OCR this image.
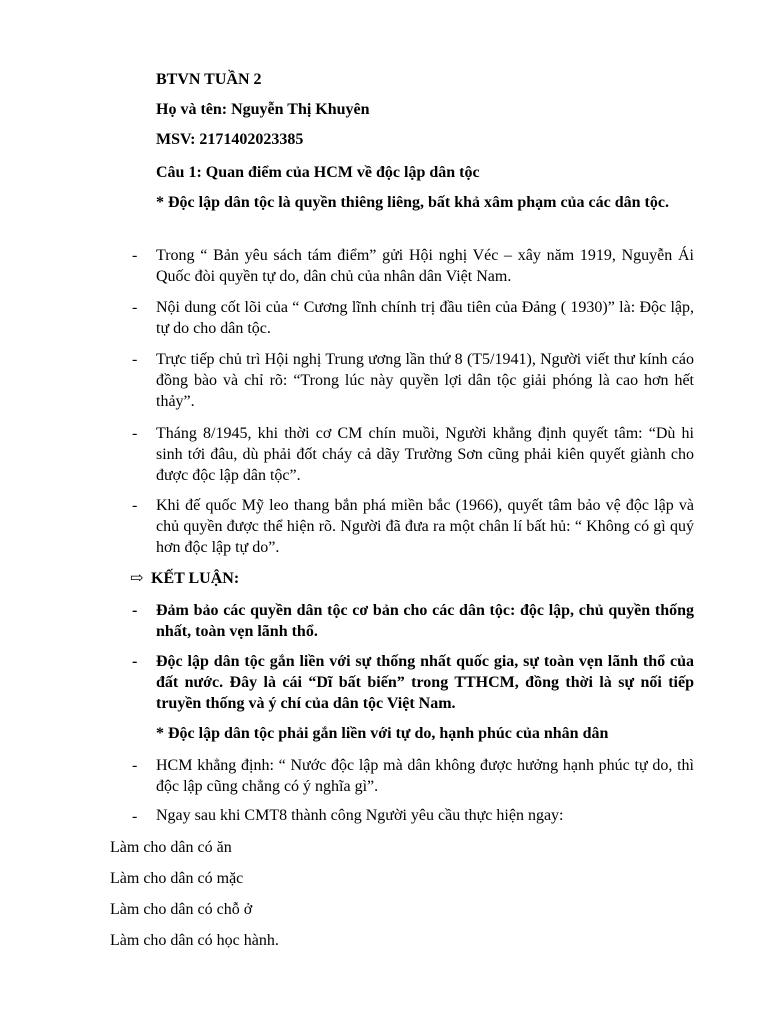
BTVN TUẦN 2
Họ và tên: Nguyễn Thị Khuyên
MSV: 2171402023385
Câu 1: Quan điểm của HCM về độc lập dân tộc
* Độc lập dân tộc là quyền thiêng liêng, bất khả xâm phạm của các dân tộc.
- Trong “ Bản yêu sách tám điểm” gửi Hội nghị Véc – xây năm 1919, Nguyễn Ái Quốc đòi quyền tự do, dân chủ của nhân dân Việt Nam.
- Nội dung cốt lõi của “ Cương lĩnh chính trị đầu tiên của Đảng ( 1930)” là: Độc lập, tự do cho dân tộc.
- Trực tiếp chủ trì Hội nghị Trung ương lần thứ 8 (T5/1941), Người viết thư kính cáo đồng bào và chỉ rõ: “Trong lúc này quyền lợi dân tộc giải phóng là cao hơn hết thảy”.
- Tháng 8/1945, khi thời cơ CM chín muồi, Người khẳng định quyết tâm: “Dù hi sinh tới đâu, dù phải đốt cháy cả dãy Trường Sơn cũng phải kiên quyết giành cho được độc lập dân tộc”.
- Khi đế quốc Mỹ leo thang bắn phá miền bắc (1966), quyết tâm bảo vệ độc lập và chủ quyền được thể hiện rõ. Người đã đưa ra một chân lí bất hủ: “ Không có gì quý hơn độc lập tự do”.
⇨ KẾT LUẬN:
- Đảm bảo các quyền dân tộc cơ bản cho các dân tộc: độc lập, chủ quyền thống nhất, toàn vẹn lãnh thổ.
- Độc lập dân tộc gắn liền với sự thống nhất quốc gia, sự toàn vẹn lãnh thổ của đất nước. Đây là cái “Dĩ bất biến” trong TTHCM, đồng thời là sự nối tiếp truyền thống và ý chí của dân tộc Việt Nam.
* Độc lập dân tộc phải gắn liền với tự do, hạnh phúc của nhân dân
- HCM khẳng định: “ Nước độc lập mà dân không được hưởng hạnh phúc tự do, thì độc lập cũng chẳng có ý nghĩa gì”.
- Ngay sau khi CMT8 thành công Người yêu cầu thực hiện ngay:
Làm cho dân có ăn
Làm cho dân có mặc
Làm cho dân có chỗ ở
Làm cho dân có học hành.
